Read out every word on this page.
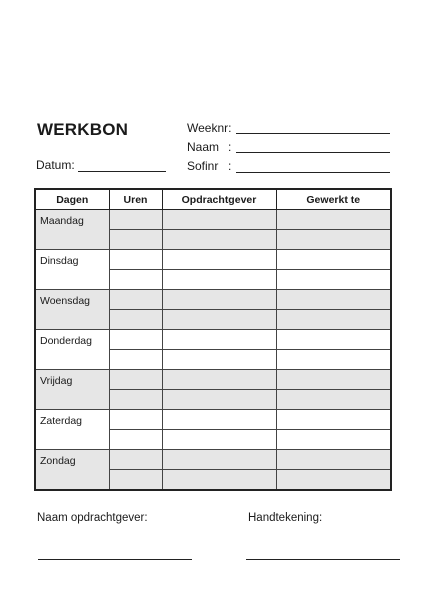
WERKBON
Datum:
Weeknr:
Naam :
Sofinr :
Dagen	Uren	Opdrachtgever	Gewerkt te
Maandag			

Dinsdag			

Woensdag			

Donderdag			

Vrijdag			

Zaterdag			

Zondag			

Naam opdrachtgever:	Handtekening:
